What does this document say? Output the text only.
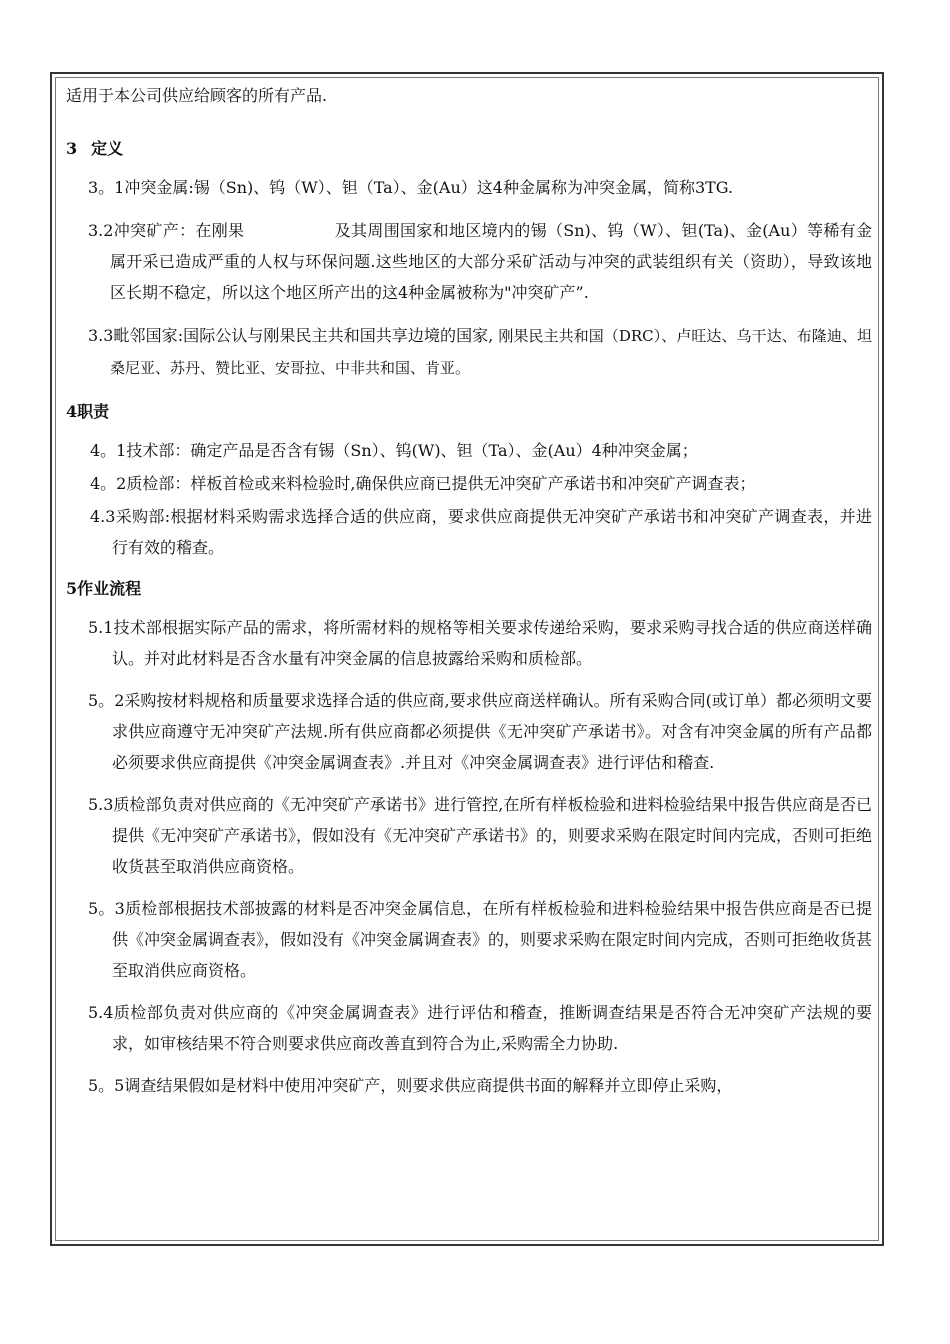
适用于本公司供应给顾客的所有产品.

3 定义

3。1冲突金属:锡（Sn)、钨（W）、钽（Ta）、金(Au）这4种金属称为冲突金属，简称3TG.

3.2冲突矿产：在刚果	及其周围国家和地区境内的锡（Sn)、钨（W）、钽(Ta)、金(Au）等稀有金属开采已造成严重的人权与环保问题.这些地区的大部分采矿活动与冲突的武装组织有关（资助），导致该地区长期不稳定，所以这个地区所产出的这4种金属被称为"冲突矿产”.

3.3毗邻国家:国际公认与刚果民主共和国共享边境的国家, 刚果民主共和国（DRC）、卢旺达、乌干达、布隆迪、坦桑尼亚、苏丹、赞比亚、安哥拉、中非共和国、肯亚。

4职责

4。1技术部：确定产品是否含有锡（Sn）、钨(W)、钽（Ta）、金(Au）4种冲突金属；

4。2质检部：样板首检或来料检验时,确保供应商已提供无冲突矿产承诺书和冲突矿产调查表；

4.3采购部:根据材料采购需求选择合适的供应商，要求供应商提供无冲突矿产承诺书和冲突矿产调查表，并进行有效的稽查。

5作业流程

5.1技术部根据实际产品的需求，将所需材料的规格等相关要求传递给采购，要求采购寻找合适的供应商送样确认。并对此材料是否含水量有冲突金属的信息披露给采购和质检部。

5。2采购按材料规格和质量要求选择合适的供应商,要求供应商送样确认。所有采购合同(或订单）都必须明文要求供应商遵守无冲突矿产法规.所有供应商都必须提供《无冲突矿产承诺书》。对含有冲突金属的所有产品都必须要求供应商提供《冲突金属调查表》.并且对《冲突金属调查表》进行评估和稽查.

5.3质检部负责对供应商的《无冲突矿产承诺书》进行管控,在所有样板检验和进料检验结果中报告供应商是否已提供《无冲突矿产承诺书》，假如没有《无冲突矿产承诺书》的，则要求采购在限定时间内完成，否则可拒绝收货甚至取消供应商资格。

5。3质检部根据技术部披露的材料是否冲突金属信息，在所有样板检验和进料检验结果中报告供应商是否已提供《冲突金属调查表》，假如没有《冲突金属调查表》的，则要求采购在限定时间内完成，否则可拒绝收货甚至取消供应商资格。

5.4质检部负责对供应商的《冲突金属调查表》进行评估和稽查，推断调查结果是否符合无冲突矿产法规的要求，如审核结果不符合则要求供应商改善直到符合为止,采购需全力协助.

5。5调查结果假如是材料中使用冲突矿产，则要求供应商提供书面的解释并立即停止采购，
